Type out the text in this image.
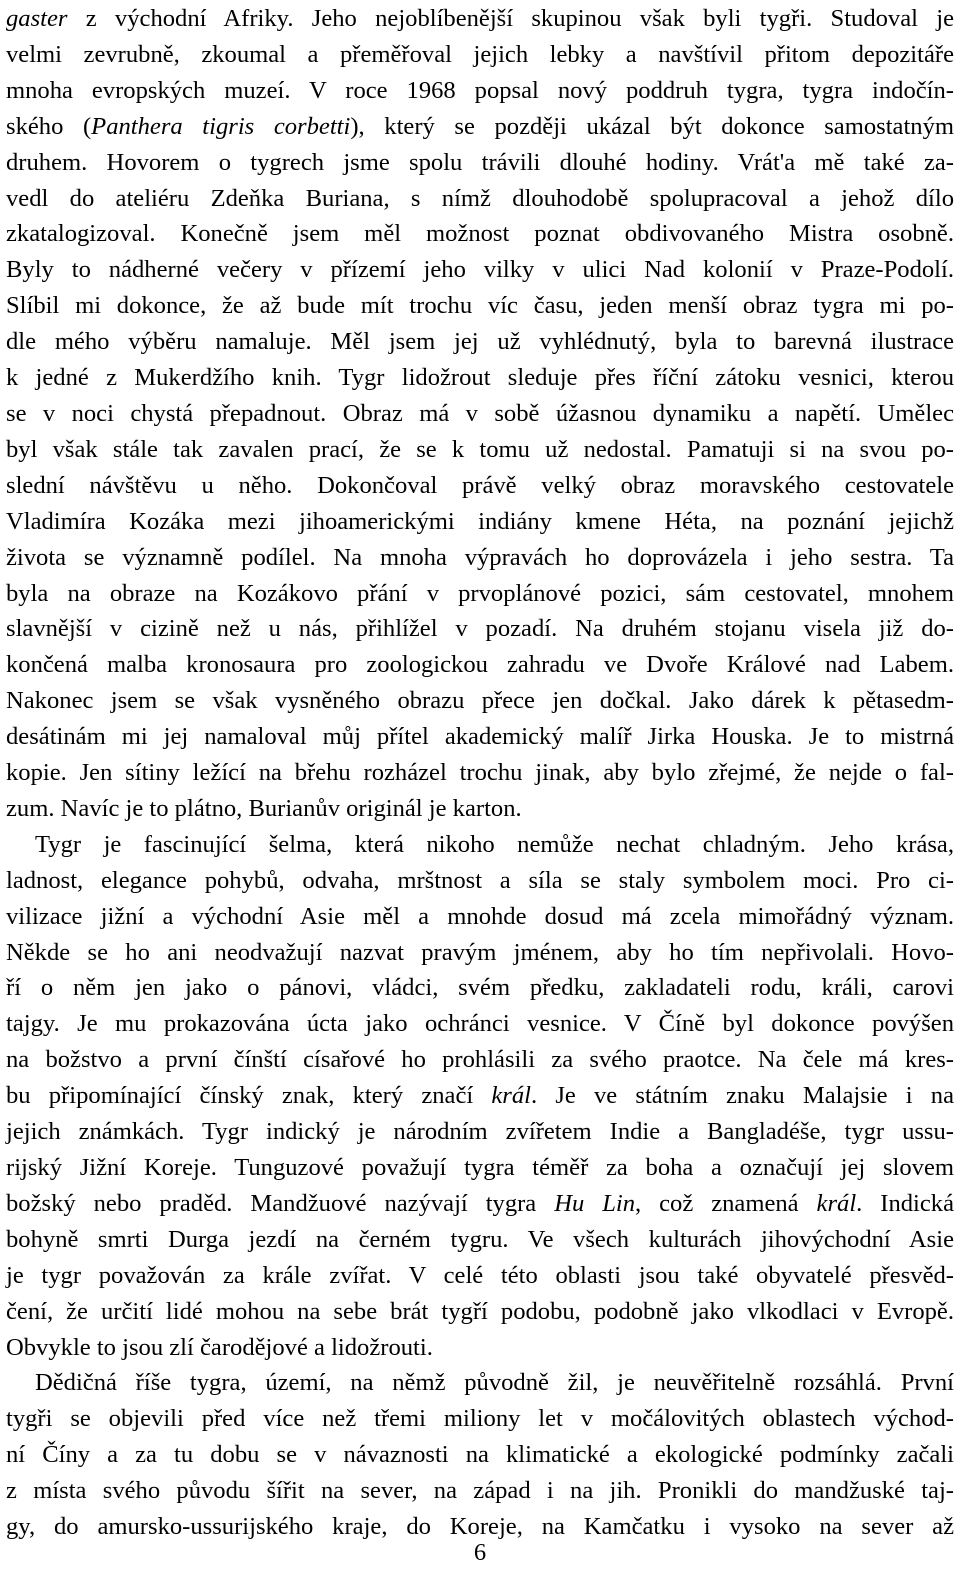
gaster z východní Afriky. Jeho nejoblíbenější skupinou však byli tygři. Studoval je
velmi zevrubně, zkoumal a přeměřoval jejich lebky a navštívil přitom depozitáře
mnoha evropských muzeí. V roce 1968 popsal nový poddruh tygra, tygra indočín-
ského (Panthera tigris corbetti), který se později ukázal být dokonce samostatným
druhem. Hovorem o tygrech jsme spolu trávili dlouhé hodiny. Vrát'a mě také za-
vedl do ateliéru Zdeňka Buriana, s nímž dlouhodobě spolupracoval a jehož dílo
zkatalogizoval. Konečně jsem měl možnost poznat obdivovaného Mistra osobně.
Byly to nádherné večery v přízemí jeho vilky v ulici Nad kolonií v Praze-Podolí.
Slíbil mi dokonce, že až bude mít trochu víc času, jeden menší obraz tygra mi po-
dle mého výběru namaluje. Měl jsem jej už vyhlédnutý, byla to barevná ilustrace
k jedné z Mukerdžího knih. Tygr lidožrout sleduje přes říční zátoku vesnici, kterou
se v noci chystá přepadnout. Obraz má v sobě úžasnou dynamiku a napětí. Umělec
byl však stále tak zavalen prací, že se k tomu už nedostal. Pamatuji si na svou po-
slední návštěvu u něho. Dokončoval právě velký obraz moravského cestovatele
Vladimíra Kozáka mezi jihoamerickými indiány kmene Héta, na poznání jejichž
života se významně podílel. Na mnoha výpravách ho doprovázela i jeho sestra. Ta
byla na obraze na Kozákovo přání v prvoplánové pozici, sám cestovatel, mnohem
slavnější v cizině než u nás, přihlížel v pozadí. Na druhém stojanu visela již do-
končená malba kronosaura pro zoologickou zahradu ve Dvoře Králové nad Labem.
Nakonec jsem se však vysněného obrazu přece jen dočkal. Jako dárek k pětasedm-
desátinám mi jej namaloval můj přítel akademický malíř Jirka Houska. Je to mistrná
kopie. Jen sítiny ležící na břehu rozházel trochu jinak, aby bylo zřejmé, že nejde o fal-
zum. Navíc je to plátno, Burianův originál je karton.

Tygr je fascinující šelma, která nikoho nemůže nechat chladným. Jeho krása,
ladnost, elegance pohybů, odvaha, mrštnost a síla se staly symbolem moci. Pro ci-
vilizace jižní a východní Asie měl a mnohde dosud má zcela mimořádný význam.
Někde se ho ani neodvažují nazvat pravým jménem, aby ho tím nepřivolali. Hovo-
ří o něm jen jako o pánovi, vládci, svém předku, zakladateli rodu, králi, carovi
tajgy. Je mu prokazována úcta jako ochránci vesnice. V Číně byl dokonce povýšen
na božstvo a první čínští císařové ho prohlásili za svého praotce. Na čele má kres-
bu připomínající čínský znak, který značí král. Je ve státním znaku Malajsie i na
jejich známkách. Tygr indický je národním zvířetem Indie a Bangladéše, tygr ussu-
rijský Jižní Koreje. Tunguzové považují tygra téměř za boha a označují jej slovem
božský nebo praděd. Mandžuové nazývají tygra Hu Lin, což znamená král. Indická
bohyně smrti Durga jezdí na černém tygru. Ve všech kulturách jihovýchodní Asie
je tygr považován za krále zvířat. V celé této oblasti jsou také obyvatelé přesvěd-
čení, že určití lidé mohou na sebe brát tygří podobu, podobně jako vlkodlaci v Evropě.
Obvykle to jsou zlí čarodějové a lidožrouti.

Dědičná říše tygra, území, na němž původně žil, je neuvěřitelně rozsáhlá. První
tygři se objevili před více než třemi miliony let v močálovitých oblastech východ-
ní Číny a za tu dobu se v návaznosti na klimatické a ekologické podmínky začali
z místa svého původu šířit na sever, na západ i na jih. Pronikli do mandžuské taj-
gy, do amursko-ussurijského kraje, do Koreje, na Kamčatku i vysoko na sever až

6
